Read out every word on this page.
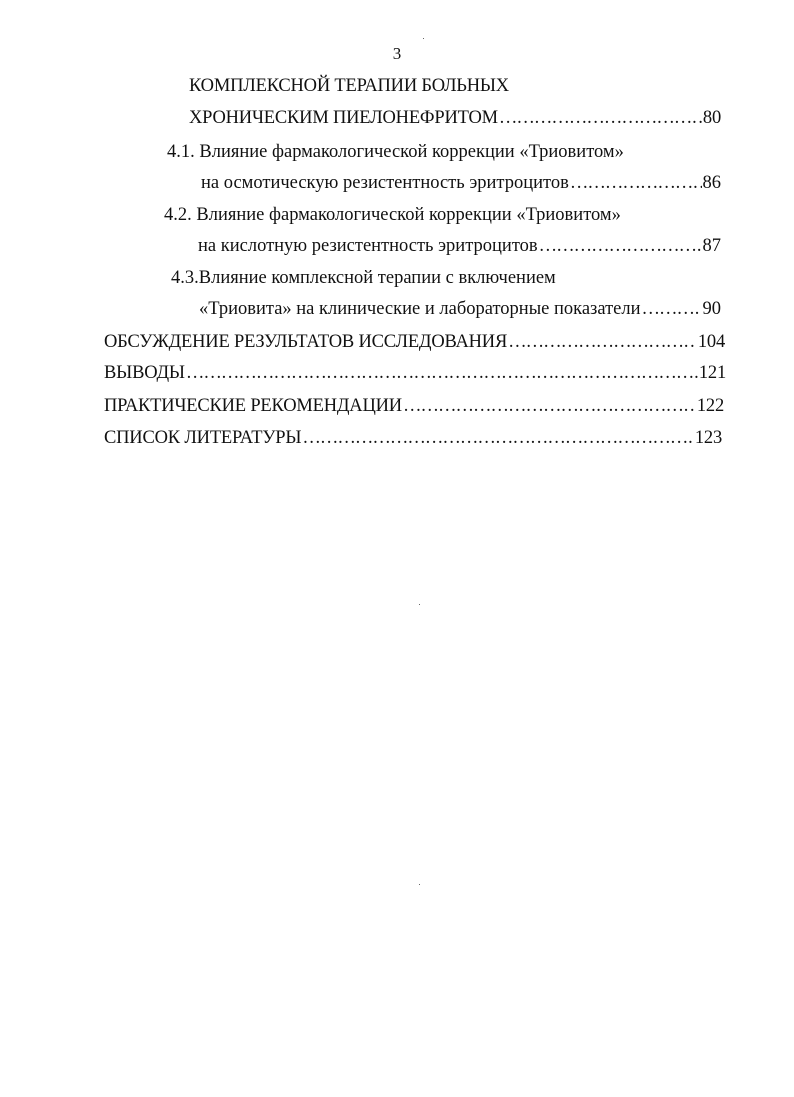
3
КОМПЛЕКСНОЙ ТЕРАПИИ БОЛЬНЫХ
ХРОНИЧЕСКИМ ПИЕЛОНЕФРИТОМ ……………………………………………………………………………………………………………………………………………………………………………………	80
4.1. Влияние фармакологической коррекции «Триовитом»
на осмотическую резистентность эритроцитов ……………………………………………………………………………………………………………………………………………………………………………………	86
4.2. Влияние фармакологической коррекции «Триовитом»
на кислотную резистентность эритроцитов ……………………………………………………………………………………………………………………………………………………………………………………	87
4.3.Влияние комплексной терапии с включением
«Триовита» на клинические и лабораторные показатели ……………………………………………………………………………………………………………………………………………………………………………………	90
ОБСУЖДЕНИЕ РЕЗУЛЬТАТОВ ИССЛЕДОВАНИЯ ……………………………………………………………………………………………………………………………………………………………………………………	104
ВЫВОДЫ ……………………………………………………………………………………………………………………………………………………………………………………	121
ПРАКТИЧЕСКИЕ РЕКОМЕНДАЦИИ ……………………………………………………………………………………………………………………………………………………………………………………	122
СПИСОК ЛИТЕРАТУРЫ ……………………………………………………………………………………………………………………………………………………………………………………	123
